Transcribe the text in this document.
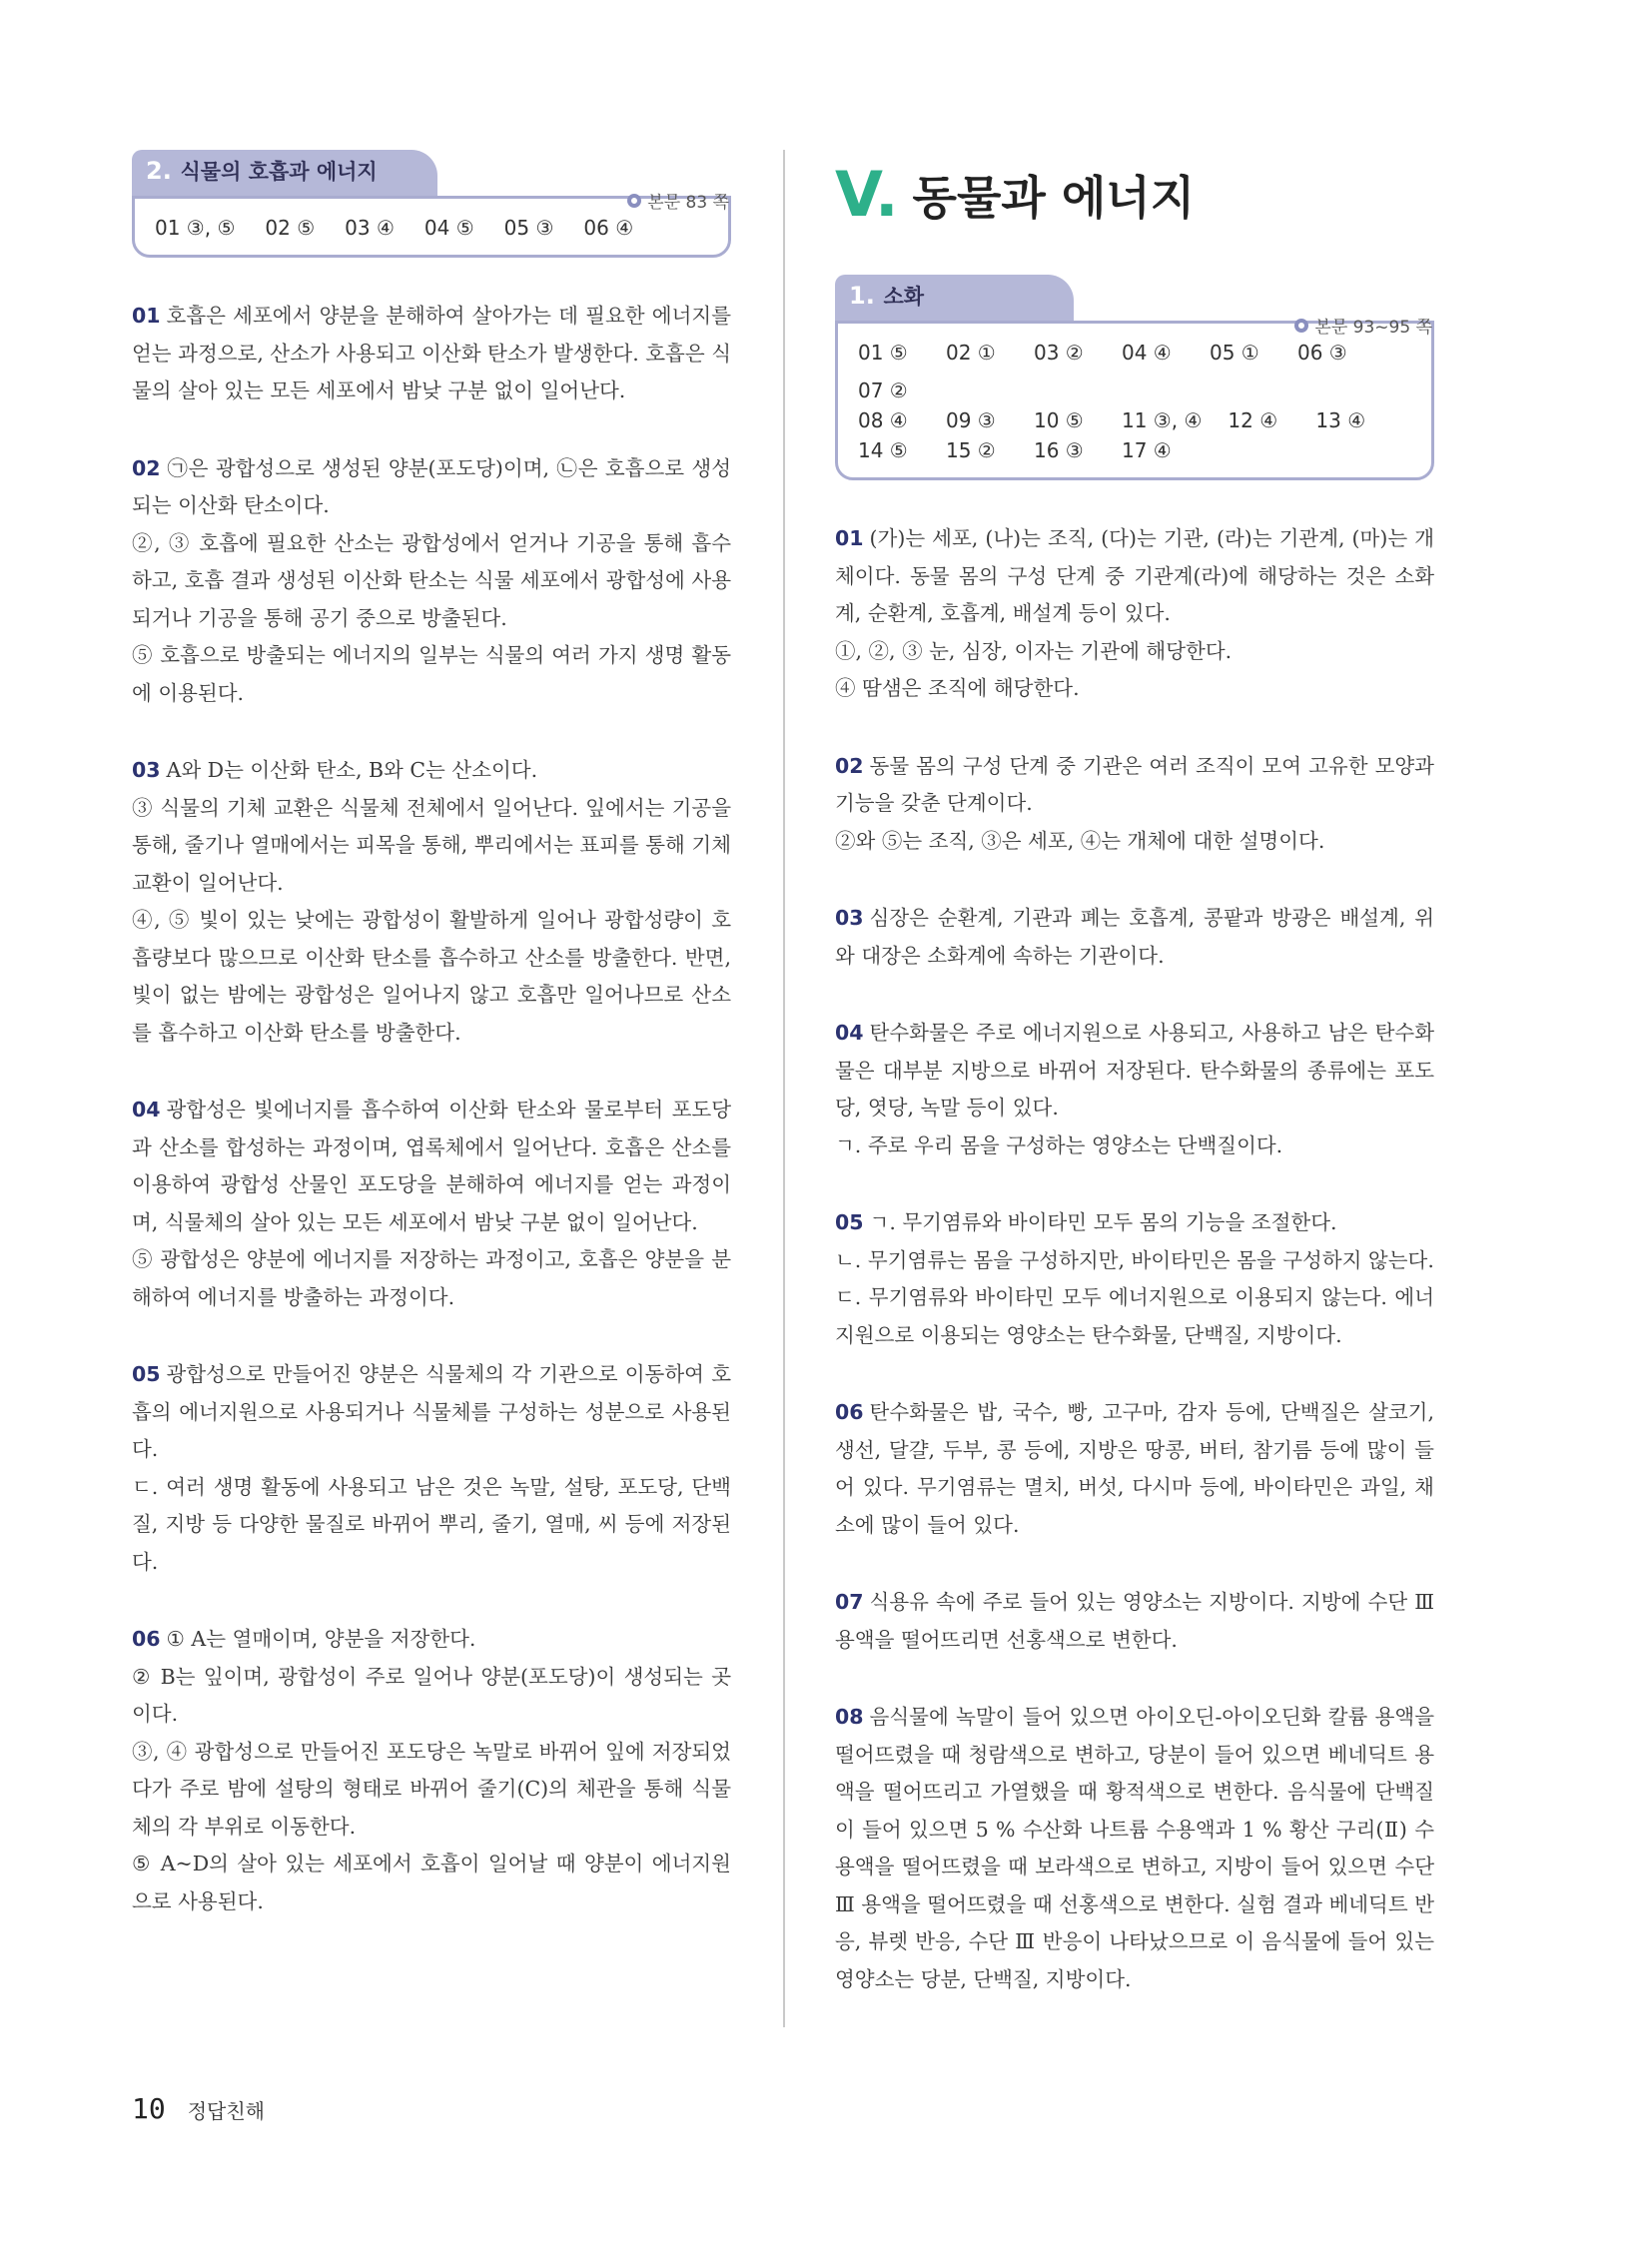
2. 식물의 호흡과 에너지
본문 83 쪽
01 ③, ⑤ 02 ⑤ 03 ④ 04 ⑤ 05 ③ 06 ④

01 호흡은 세포에서 양분을 분해하여 살아가는 데 필요한 에너지를 얻는 과정으로, 산소가 사용되고 이산화 탄소가 발생한다. 호흡은 식물의 살아 있는 모든 세포에서 밤낮 구분 없이 일어난다.

02 ㉠은 광합성으로 생성된 양분(포도당)이며, ㉡은 호흡으로 생성되는 이산화 탄소이다.

②, ③ 호흡에 필요한 산소는 광합성에서 얻거나 기공을 통해 흡수하고, 호흡 결과 생성된 이산화 탄소는 식물 세포에서 광합성에 사용되거나 기공을 통해 공기 중으로 방출된다.

⑤ 호흡으로 방출되는 에너지의 일부는 식물의 여러 가지 생명 활동에 이용된다.

03 A와 D는 이산화 탄소, B와 C는 산소이다.

③ 식물의 기체 교환은 식물체 전체에서 일어난다. 잎에서는 기공을 통해, 줄기나 열매에서는 피목을 통해, 뿌리에서는 표피를 통해 기체 교환이 일어난다.

④, ⑤ 빛이 있는 낮에는 광합성이 활발하게 일어나 광합성량이 호흡량보다 많으므로 이산화 탄소를 흡수하고 산소를 방출한다. 반면, 빛이 없는 밤에는 광합성은 일어나지 않고 호흡만 일어나므로 산소를 흡수하고 이산화 탄소를 방출한다.

04 광합성은 빛에너지를 흡수하여 이산화 탄소와 물로부터 포도당과 산소를 합성하는 과정이며, 엽록체에서 일어난다. 호흡은 산소를 이용하여 광합성 산물인 포도당을 분해하여 에너지를 얻는 과정이며, 식물체의 살아 있는 모든 세포에서 밤낮 구분 없이 일어난다.

⑤ 광합성은 양분에 에너지를 저장하는 과정이고, 호흡은 양분을 분해하여 에너지를 방출하는 과정이다.

05 광합성으로 만들어진 양분은 식물체의 각 기관으로 이동하여 호흡의 에너지원으로 사용되거나 식물체를 구성하는 성분으로 사용된다.

ㄷ. 여러 생명 활동에 사용되고 남은 것은 녹말, 설탕, 포도당, 단백질, 지방 등 다양한 물질로 바뀌어 뿌리, 줄기, 열매, 씨 등에 저장된다.

06 ① A는 열매이며, 양분을 저장한다.

② B는 잎이며, 광합성이 주로 일어나 양분(포도당)이 생성되는 곳이다.

③, ④ 광합성으로 만들어진 포도당은 녹말로 바뀌어 잎에 저장되었다가 주로 밤에 설탕의 형태로 바뀌어 줄기(C)의 체관을 통해 식물체의 각 부위로 이동한다.

⑤ A~D의 살아 있는 세포에서 호흡이 일어날 때 양분이 에너지원으로 사용된다.

V. 동물과 에너지
1. 소화
본문 93~95 쪽
01 ⑤	02 ①	03 ②	04 ④	05 ①	06 ③
07 ②
08 ④	09 ③	10 ⑤	11 ③, ④ 12 ④	13 ④
14 ⑤	15 ②	16 ③	17 ④

01 (가)는 세포, (나)는 조직, (다)는 기관, (라)는 기관계, (마)는 개체이다. 동물 몸의 구성 단계 중 기관계(라)에 해당하는 것은 소화계, 순환계, 호흡계, 배설계 등이 있다.

①, ②, ③ 눈, 심장, 이자는 기관에 해당한다.

④ 땀샘은 조직에 해당한다.

02 동물 몸의 구성 단계 중 기관은 여러 조직이 모여 고유한 모양과 기능을 갖춘 단계이다.

②와 ⑤는 조직, ③은 세포, ④는 개체에 대한 설명이다.

03 심장은 순환계, 기관과 폐는 호흡계, 콩팥과 방광은 배설계, 위와 대장은 소화계에 속하는 기관이다.

04 탄수화물은 주로 에너지원으로 사용되고, 사용하고 남은 탄수화물은 대부분 지방으로 바뀌어 저장된다. 탄수화물의 종류에는 포도당, 엿당, 녹말 등이 있다.

ㄱ. 주로 우리 몸을 구성하는 영양소는 단백질이다.

05 ㄱ. 무기염류와 바이타민 모두 몸의 기능을 조절한다.

ㄴ. 무기염류는 몸을 구성하지만, 바이타민은 몸을 구성하지 않는다.

ㄷ. 무기염류와 바이타민 모두 에너지원으로 이용되지 않는다. 에너지원으로 이용되는 영양소는 탄수화물, 단백질, 지방이다.

06 탄수화물은 밥, 국수, 빵, 고구마, 감자 등에, 단백질은 살코기, 생선, 달걀, 두부, 콩 등에, 지방은 땅콩, 버터, 참기름 등에 많이 들어 있다. 무기염류는 멸치, 버섯, 다시마 등에, 바이타민은 과일, 채소에 많이 들어 있다.

07 식용유 속에 주로 들어 있는 영양소는 지방이다. 지방에 수단 Ⅲ 용액을 떨어뜨리면 선홍색으로 변한다.

08 음식물에 녹말이 들어 있으면 아이오딘-아이오딘화 칼륨 용액을 떨어뜨렸을 때 청람색으로 변하고, 당분이 들어 있으면 베네딕트 용액을 떨어뜨리고 가열했을 때 황적색으로 변한다. 음식물에 단백질이 들어 있으면 5 % 수산화 나트륨 수용액과 1 % 황산 구리(Ⅱ) 수용액을 떨어뜨렸을 때 보라색으로 변하고, 지방이 들어 있으면 수단 Ⅲ 용액을 떨어뜨렸을 때 선홍색으로 변한다. 실험 결과 베네딕트 반응, 뷰렛 반응, 수단 Ⅲ 반응이 나타났으므로 이 음식물에 들어 있는 영양소는 당분, 단백질, 지방이다.

10 정답친해
